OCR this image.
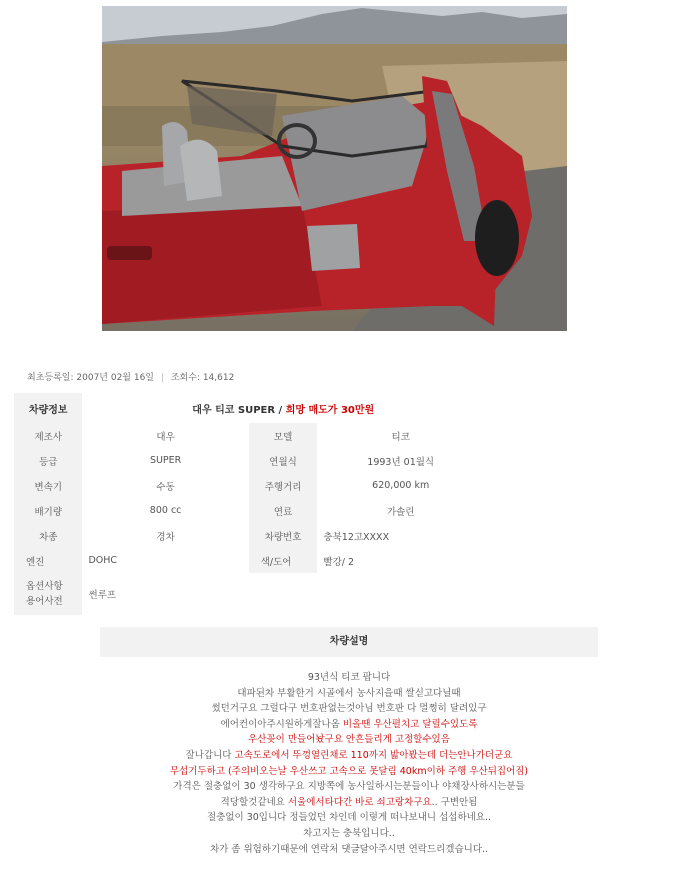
최초등록일: 2007년 02월 16일 | 조회수: 14,612
차량정보	대우 티코 SUPER / 희망 매도가 30만원		
제조사	대우	모델	티코
등급	SUPER	연월식	1993년 01월식
변속기	수동	주행거리	620,000 km
배기량	800 cc	연료	가솔린
차종	경차	차량번호	충북12고XXXX
엔진	DOHC	색/도어	빨강/ 2
옵션사항
용어사전	썬루프		
차량설명
93년식 티코 팝니다
대파된차 부활한거 시골에서 농사지을때 쌀싣고다닐때
썼던거구요 그럴다구 번호판없는것아님 번호판 다 멀쩡히 달려있구
에어컨이아주시원하게잘나옴 비올땐 우산펼치고 달릴수있도록
우산꽂이 만들어놨구요 안흔들리게 고정할수있음
잘나갑니다 고속도로에서 뚜껑열린채로 110까지 밟아봤는데 더는안나가더군요
무섭기두하고 (주의비오는날 우산쓰고 고속으로 못달림 40km이하 주행 우산뒤집어짐)
가격은 절충없이 30 생각하구요 지방쪽에 농사일하시는분들이나 야채장사하시는분들
적당할것같네요 서울에서타다간 바로 쇠고랑차구요.. 구변안됨
절충없이 30입니다 정들었던 차인데 이렇게 떠나보내니 섭섭하네요..
차고지는 충북입니다..
차가 좀 위험하기때문에 연락처 댓글달아주시면 연락드리겠습니다..
